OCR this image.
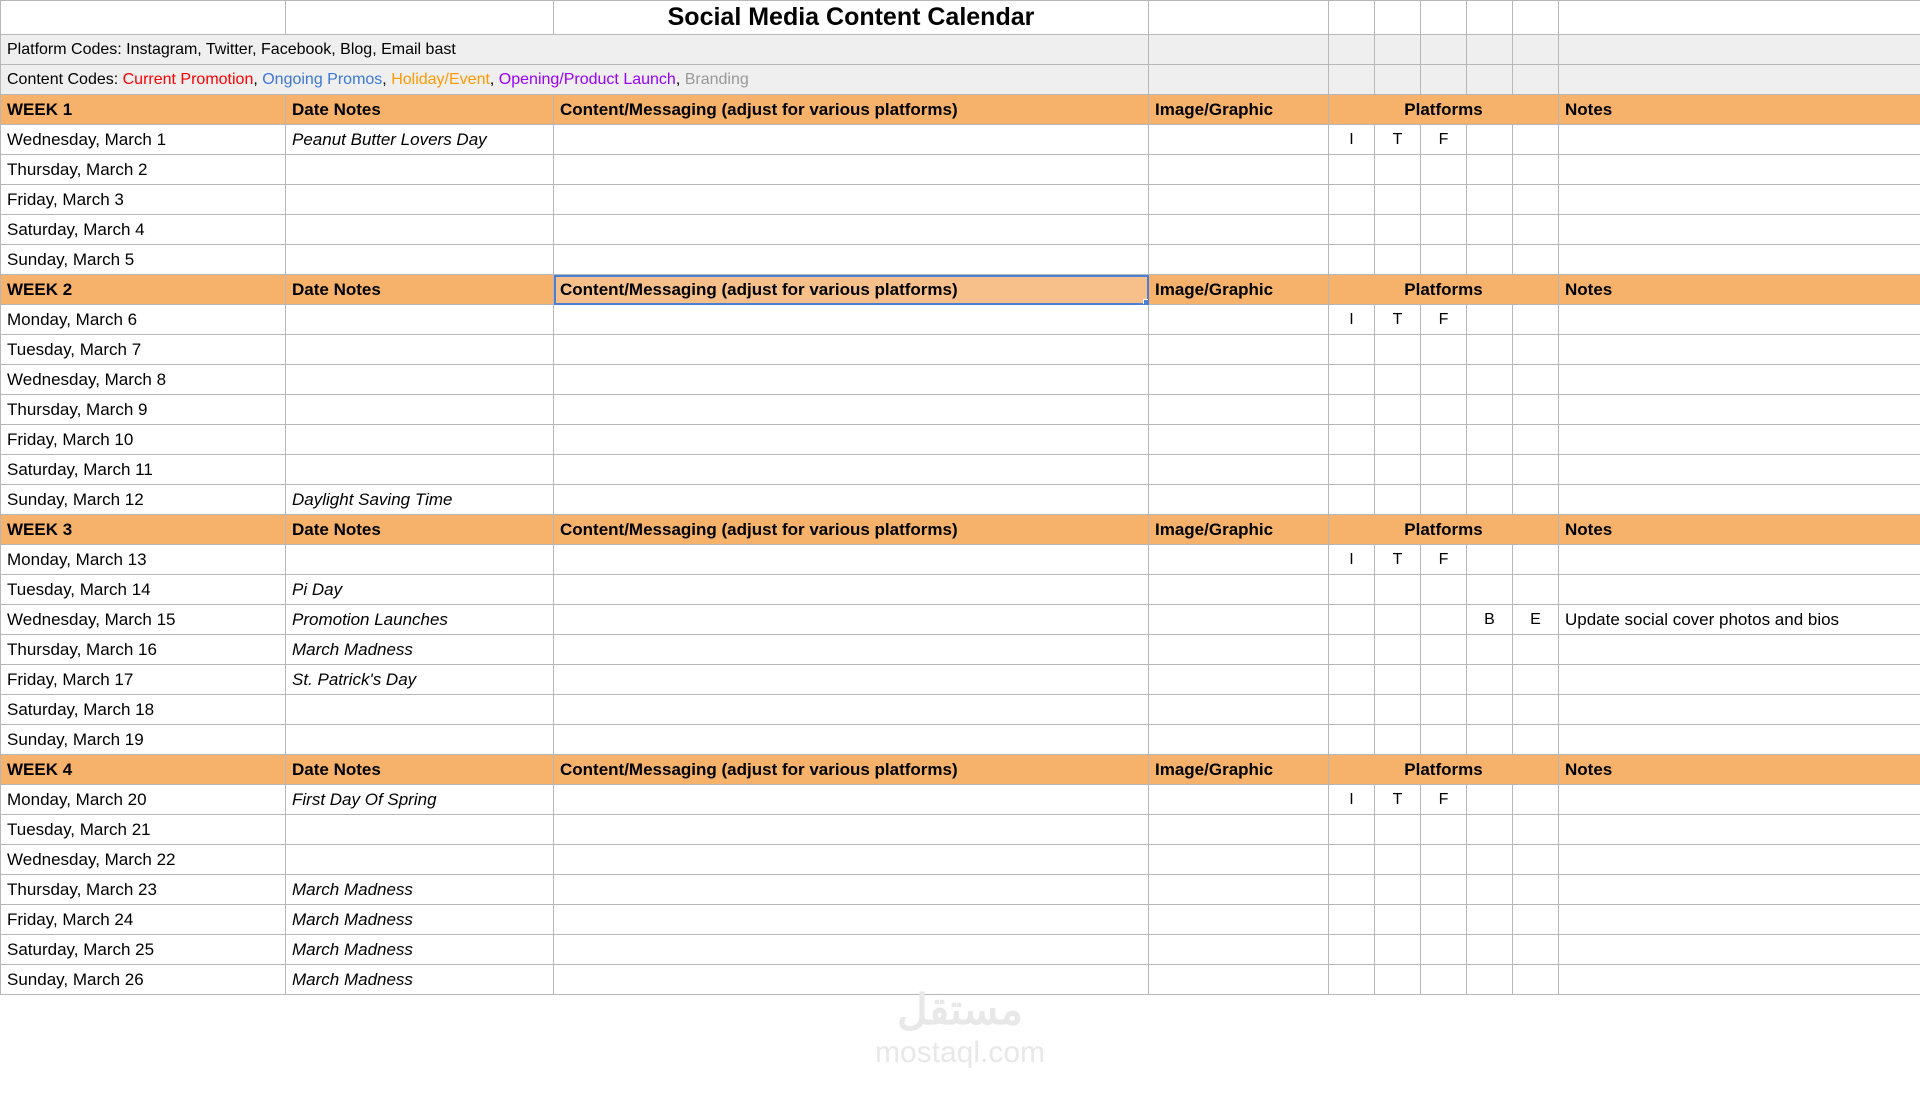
		Social Media Content Calendar							
Platform Codes: Instagram, Twitter, Facebook, Blog, Email bast									
Content Codes: Current Promotion, Ongoing Promos, Holiday/Event, Opening/Product Launch, Branding									
WEEK 1	Date Notes	Content/Messaging (adjust for various platforms)	Image/Graphic	Platforms					Notes
Wednesday, March 1	Peanut Butter Lovers Day			I	T	F			
Thursday, March 2									
Friday, March 3									
Saturday, March 4									
Sunday, March 5									
WEEK 2	Date Notes	Content/Messaging (adjust for various platforms)	Image/Graphic	Platforms					Notes
Monday, March 6				I	T	F			
Tuesday, March 7									
Wednesday, March 8									
Thursday, March 9									
Friday, March 10									
Saturday, March 11									
Sunday, March 12	Daylight Saving Time								
WEEK 3	Date Notes	Content/Messaging (adjust for various platforms)	Image/Graphic	Platforms					Notes
Monday, March 13				I	T	F			
Tuesday, March 14	Pi Day								
Wednesday, March 15	Promotion Launches						B	E	Update social cover photos and bios
Thursday, March 16	March Madness								
Friday, March 17	St. Patrick's Day								
Saturday, March 18									
Sunday, March 19									
WEEK 4	Date Notes	Content/Messaging (adjust for various platforms)	Image/Graphic	Platforms					Notes
Monday, March 20	First Day Of Spring			I	T	F			
Tuesday, March 21									
Wednesday, March 22									
Thursday, March 23	March Madness								
Friday, March 24	March Madness								
Saturday, March 25	March Madness								
Sunday, March 26	March Madness								
مستقل
mostaql.com
